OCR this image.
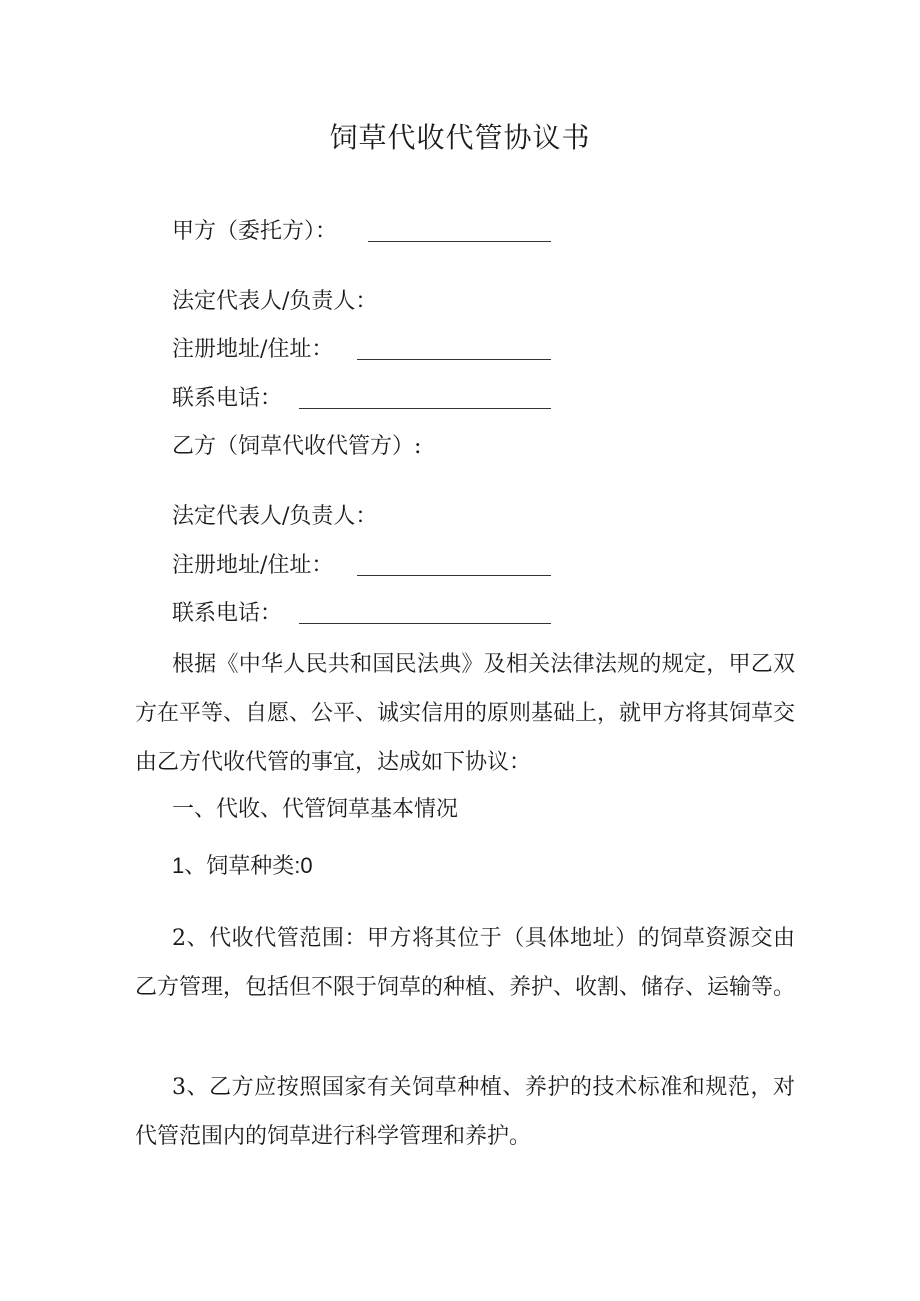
饲草代收代管协议书
甲方（委托方）：
法定代表人/负责人：
注册地址/住址：
联系电话：
乙方（饲草代收代管方）:
法定代表人/负责人：
注册地址/住址：
联系电话：
根据《中华人民共和国民法典》及相关法律法规的规定，甲乙双方在平等、自愿、公平、诚实信用的原则基础上，就甲方将其饲草交由乙方代收代管的事宜，达成如下协议：
一、代收、代管饲草基本情况
1、饲草种类:0
2、代收代管范围：甲方将其位于（具体地址）的饲草资源交由乙方管理，包括但不限于饲草的种植、养护、收割、储存、运输等。
3、乙方应按照国家有关饲草种植、养护的技术标准和规范，对代管范围内的饲草进行科学管理和养护。
